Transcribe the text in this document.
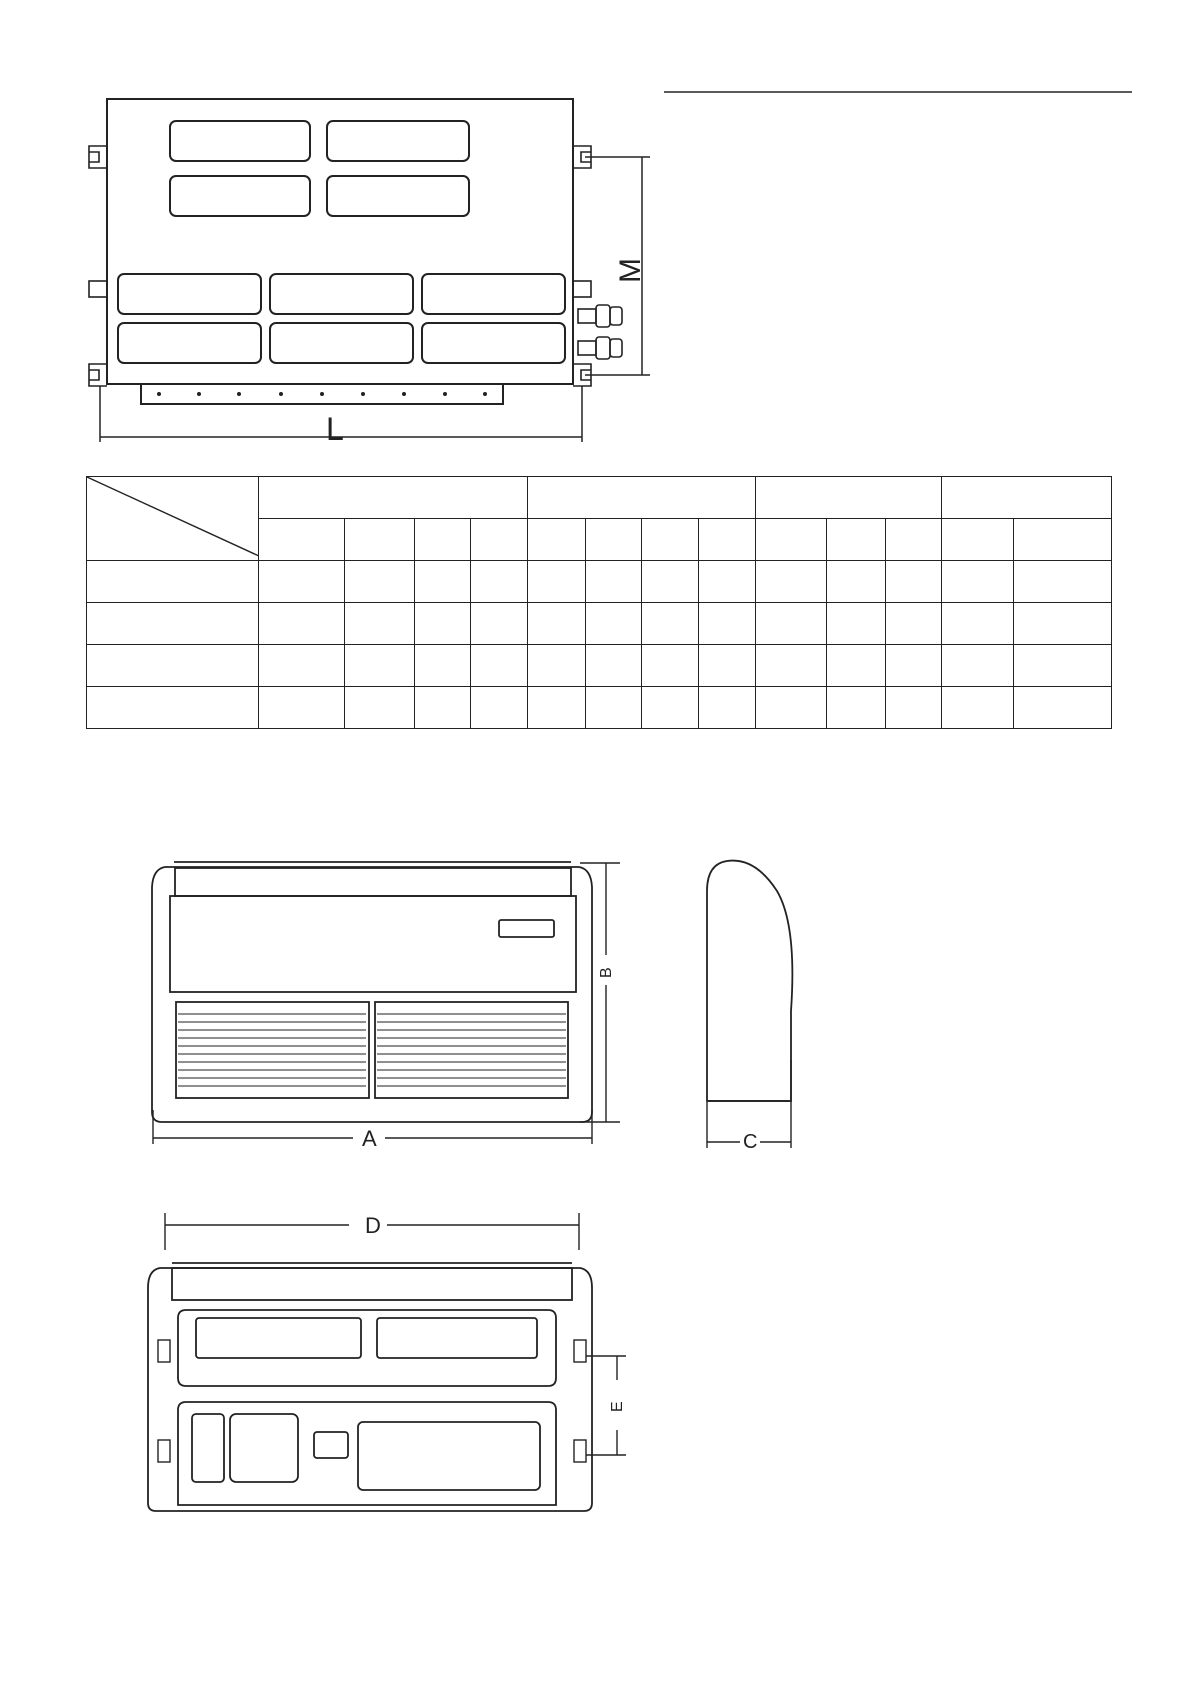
L
M
A
B
C
D
E
